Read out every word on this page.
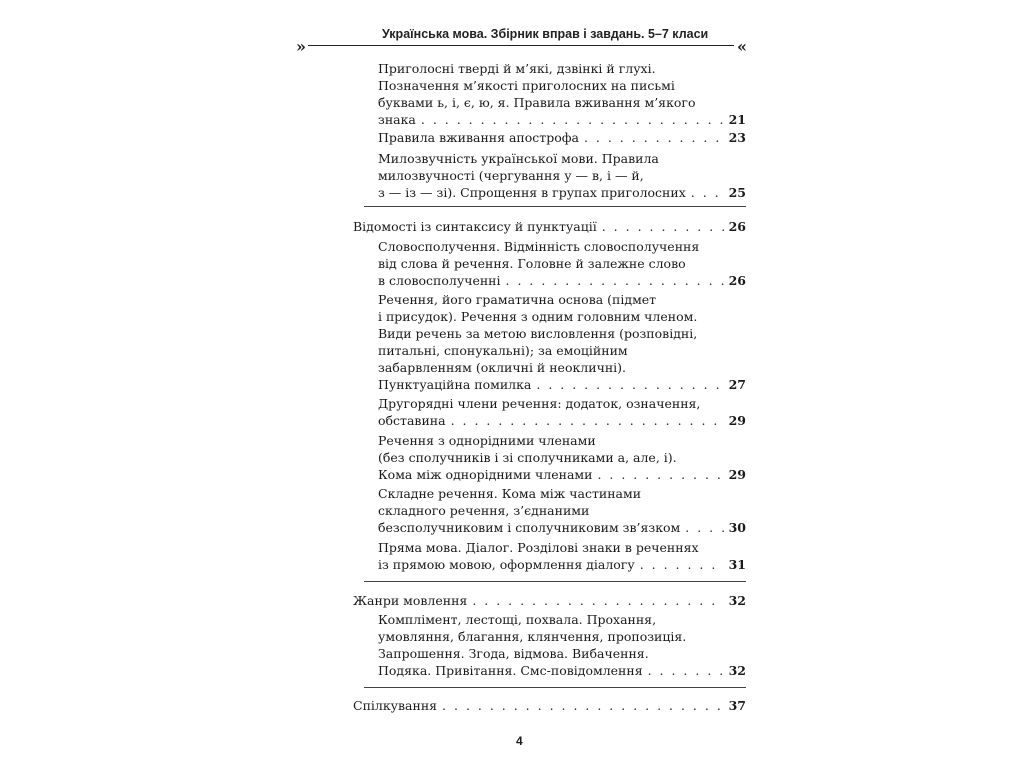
»
Українська мова. Збірник вправ і завдань. 5–7 класи
«
Приголосні тверді й м’які, дзвінкі й глухі.
Позначення м’якості приголосних на письмі
буквами ь, і, є, ю, я. Правила вживання м’якого
знака . . .	21
Правила вживання апострофа . . .	23
Милозвучність української мови. Правила
милозвучності (чергування у — в, і — й,
з — із — зі). Спрощення в групах приголосних . . .	25
Відомості із синтаксису й пунктуації . . .	26
Словосполучення. Відмінність словосполучення
від слова й речення. Головне й залежне слово
в словосполученні . . .	26
Речення, його граматична основа (підмет
і присудок). Речення з одним головним членом.
Види речень за метою висловлення (розповідні,
питальні, спонукальні); за емоційним
забарвленням (окличні й неокличні).
Пунктуаційна помилка . . .	27
Другорядні члени речення: додаток, означення,
обставина . . .	29
Речення з однорідними членами
(без сполучників і зі сполучниками а, але, і).
Кома між однорідними членами . . .	29
Складне речення. Кома між частинами
складного речення, з’єднаними
безсполучниковим і сполучниковим зв’язком . . .	30
Пряма мова. Діалог. Розділові знаки в реченнях
із прямою мовою, оформлення діалогу . . .	31
Жанри мовлення . . .	32
Комплімент, лестощі, похвала. Прохання,
умовляння, благання, клянчення, пропозиція.
Запрошення. Згода, відмова. Вибачення.
Подяка. Привітання. Смс-повідомлення . . .	32
Спілкування . . .	37
4
